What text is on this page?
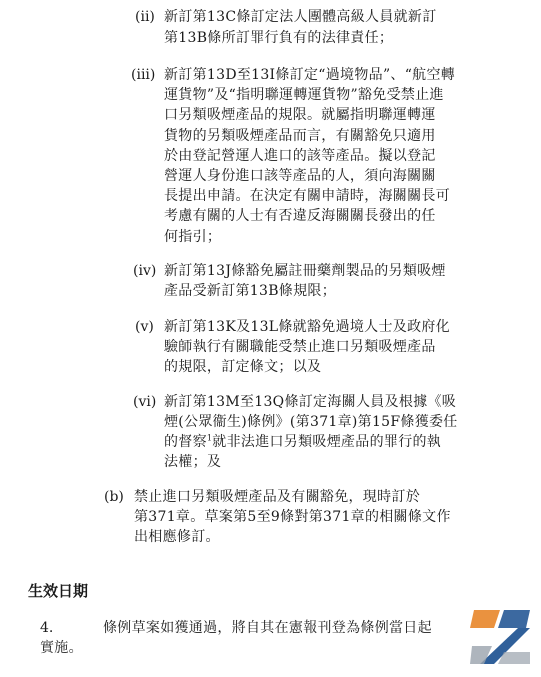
(ii) 新訂第13C條訂定法人團體高級人員就新訂
第13B條所訂罪行負有的法律責任；
(iii) 新訂第13D至13I條訂定“過境物品”、“航空轉
運貨物”及“指明聯運轉運貨物”豁免受禁止進
口另類吸煙產品的規限。就屬指明聯運轉運
貨物的另類吸煙產品而言，有關豁免只適用
於由登記營運人進口的該等產品。擬以登記
營運人身份進口該等產品的人，須向海關關
長提出申請。在決定有關申請時，海關關長可
考慮有關的人士有否違反海關關長發出的任
何指引；
(iv) 新訂第13J條豁免屬註冊藥劑製品的另類吸煙
產品受新訂第13B條規限；
(v) 新訂第13K及13L條就豁免過境人士及政府化
驗師執行有關職能受禁止進口另類吸煙產品
的規限，訂定條文；以及
(vi) 新訂第13M至13Q條訂定海關人員及根據《吸
煙(公眾衞生)條例》(第371章)第15F條獲委任
的督察$^1$就非法進口另類吸煙產品的罪行的執
法權；及
(b) 禁止進口另類吸煙產品及有關豁免，現時訂於
第371章。草案第5至9條對第371章的相關條文作
出相應修訂。
生效日期
4.	條例草案如獲通過，將自其在憲報刊登為條例當日起
實施。
